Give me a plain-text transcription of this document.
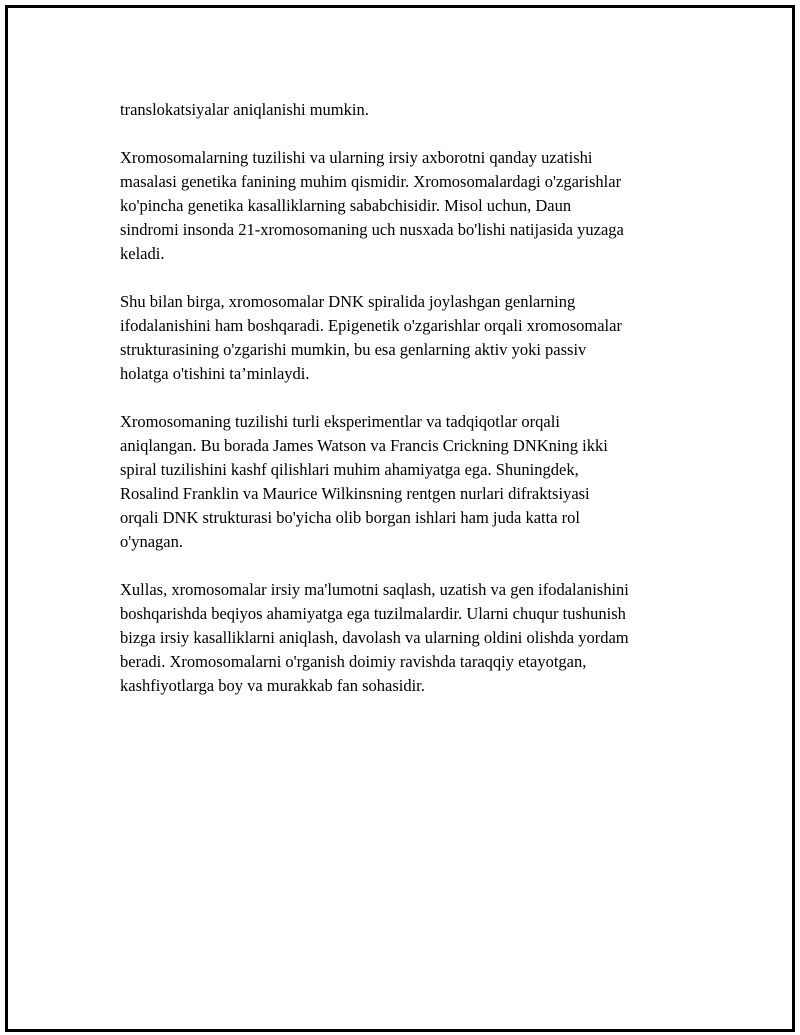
translokatsiyalar aniqlanishi mumkin.

Xromosomalarning tuzilishi va ularning irsiy axborotni qanday uzatishi
masalasi genetika fanining muhim qismidir. Xromosomalardagi o'zgarishlar
ko'pincha genetika kasalliklarning sababchisidir. Misol uchun, Daun
sindromi insonda 21-xromosomaning uch nusxada bo'lishi natijasida yuzaga
keladi.

Shu bilan birga, xromosomalar DNK spiralida joylashgan genlarning
ifodalanishini ham boshqaradi. Epigenetik o'zgarishlar orqali xromosomalar
strukturasining o'zgarishi mumkin, bu esa genlarning aktiv yoki passiv
holatga o'tishini ta’minlaydi.

Xromosomaning tuzilishi turli eksperimentlar va tadqiqotlar orqali
aniqlangan. Bu borada James Watson va Francis Crickning DNKning ikki
spiral tuzilishini kashf qilishlari muhim ahamiyatga ega. Shuningdek,
Rosalind Franklin va Maurice Wilkinsning rentgen nurlari difraktsiyasi
orqali DNK strukturasi bo'yicha olib borgan ishlari ham juda katta rol
o'ynagan.

Xullas, xromosomalar irsiy ma'lumotni saqlash, uzatish va gen ifodalanishini
boshqarishda beqiyos ahamiyatga ega tuzilmalardir. Ularni chuqur tushunish
bizga irsiy kasalliklarni aniqlash, davolash va ularning oldini olishda yordam
beradi. Xromosomalarni o'rganish doimiy ravishda taraqqiy etayotgan,
kashfiyotlarga boy va murakkab fan sohasidir.
